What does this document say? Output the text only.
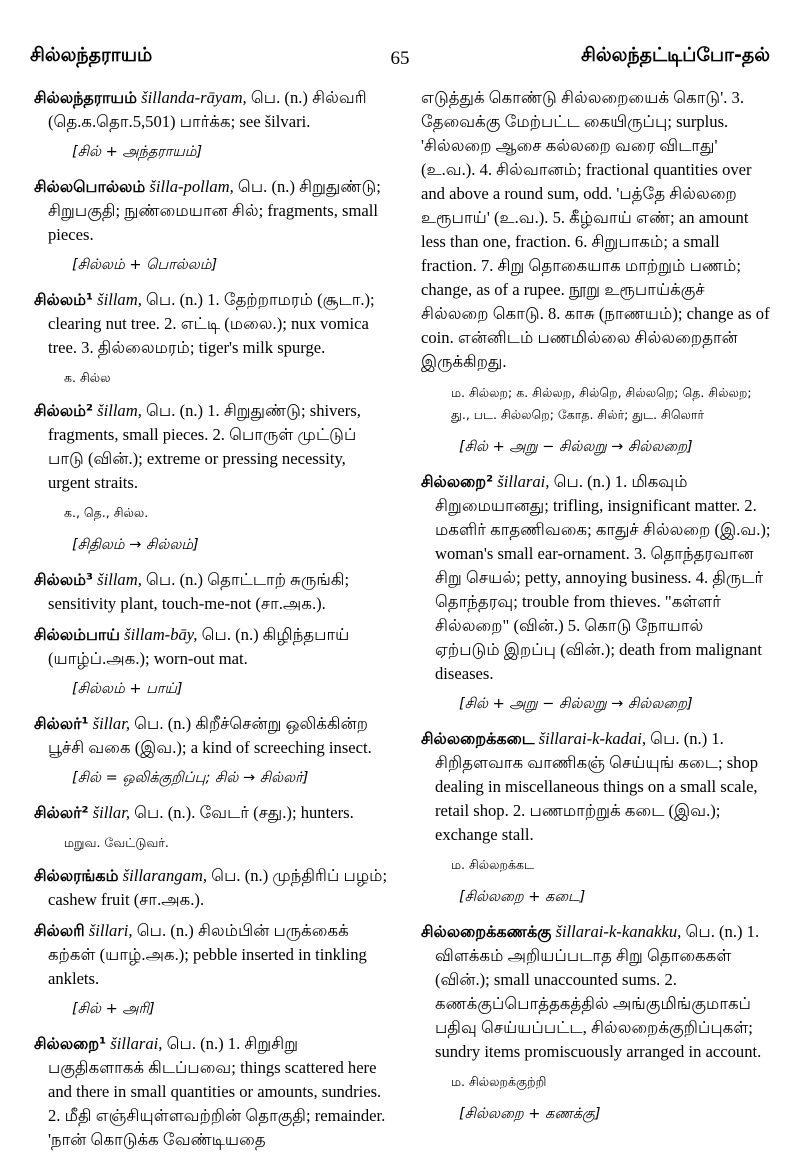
சில்லந்தராயம்	65	சில்லந்தட்டிப்போ-தல்
சில்லந்தராயம் šillanda-rāyam, பெ. (n.) சில்வரி (தெ.க.தொ.5,501) பார்க்க; see šilvari.
[சில் + அந்தராயம்]
சில்லபொல்லம் šilla-pollam, பெ. (n.) சிறுதுண்டு; சிறுபகுதி; நுண்மையான சில்; fragments, small pieces.
[சில்லம் + பொல்லம்]
சில்லம்¹ šillam, பெ. (n.) 1. தேற்றாமரம் (சூடா.); clearing nut tree. 2. எட்டி (மலை.); nux vomica tree. 3. தில்லைமரம்; tiger's milk spurge.
க. சில்ல
சில்லம்² šillam, பெ. (n.) 1. சிறுதுண்டு; shivers, fragments, small pieces. 2. பொருள் முட்டுப் பாடு (வின்.); extreme or pressing necessity, urgent straits.
க., தெ., சில்ல.
[சிதிலம் → சில்லம்]
சில்லம்³ šillam, பெ. (n.) தொட்டாற் சுருங்கி; sensitivity plant, touch-me-not (சா.அக.).
சில்லம்பாய் šillam-bāy, பெ. (n.) கிழிந்தபாய் (யாழ்ப்.அக.); worn-out mat.
[சில்லம் + பாய்]
சில்லர்¹ šillar, பெ. (n.) கிறீச்சென்று ஒலிக்கின்ற பூச்சி வகை (இவ.); a kind of screeching insect.
[சில் = ஒலிக்குறிப்பு; சில் → சில்லர்]
சில்லர்² šillar, பெ. (n.). வேடர் (சது.); hunters.
மறுவ. வேட்டுவர்.
சில்லரங்கம் šillarangam, பெ. (n.) முந்திரிப் பழம்; cashew fruit (சா.அக.).
சில்லரி šillari, பெ. (n.) சிலம்பின் பருக்கைக் கற்கள் (யாழ்.அக.); pebble inserted in tinkling anklets.
[சில் + அரி]
சில்லறை¹ šillarai, பெ. (n.) 1. சிறுசிறு பகுதிகளாகக் கிடப்பவை; things scattered here and there in small quantities or amounts, sundries. 2. மீதி எஞ்சியுள்ளவற்றின் தொகுதி; remainder. 'நான் கொடுக்க வேண்டியதை
எடுத்துக் கொண்டு சில்லறையைக் கொடு'. 3. தேவைக்கு மேற்பட்ட கையிருப்பு; surplus. 'சில்லறை ஆசை கல்லறை வரை விடாது' (உ.வ.). 4. சில்வானம்; fractional quantities over and above a round sum, odd. 'பத்தே சில்லறை உரூபாய்' (உ.வ.). 5. கீழ்வாய் எண்; an amount less than one, fraction. 6. சிறுபாகம்; a small fraction. 7. சிறு தொகையாக மாற்றும் பணம்; change, as of a rupee. நூறு உரூபாய்க்குச் சில்லறை கொடு. 8. காசு (நாணயம்); change as of coin. என்னிடம் பணமில்லை சில்லறைதான் இருக்கிறது.
ம. சில்லற; க. சில்லற, சில்றெ, சில்லறெ; தெ. சில்லற; து., பட. சில்லறெ; கோத. சில்ர்; துட. சிலொர்
[சில் + அறு − சில்லறு → சில்லறை]
சில்லறை² šillarai, பெ. (n.) 1. மிகவும் சிறுமையானது; trifling, insignificant matter. 2. மகளிர் காதணிவகை; காதுச் சில்லறை (இ.வ.); woman's small ear-ornament. 3. தொந்தரவான சிறு செயல்; petty, annoying business. 4. திருடர் தொந்தரவு; trouble from thieves. "கள்ளர் சில்லறை" (வின்.) 5. கொடு நோயால் ஏற்படும் இறப்பு (வின்.); death from malignant diseases.
[சில் + அறு − சில்லறு → சில்லறை]
சில்லறைக்கடை šillarai-k-kadai, பெ. (n.) 1. சிறிதளவாக வாணிகஞ் செய்யுங் கடை; shop dealing in miscellaneous things on a small scale, retail shop. 2. பணமாற்றுக் கடை (இவ.); exchange stall.
ம. சில்லறக்கட
[சில்லறை + கடை]
சில்லறைக்கணக்கு šillarai-k-kanakku, பெ. (n.) 1. விளக்கம் அறியப்படாத சிறு தொகைகள் (வின்.); small unaccounted sums. 2. கணக்குப்பொத்தகத்தில் அங்குமிங்குமாகப் பதிவு செய்யப்பட்ட, சில்லறைக்குறிப்புகள்; sundry items promiscuously arranged in account.
ம. சில்லறக்குற்றி
[சில்லறை + கணக்கு]
